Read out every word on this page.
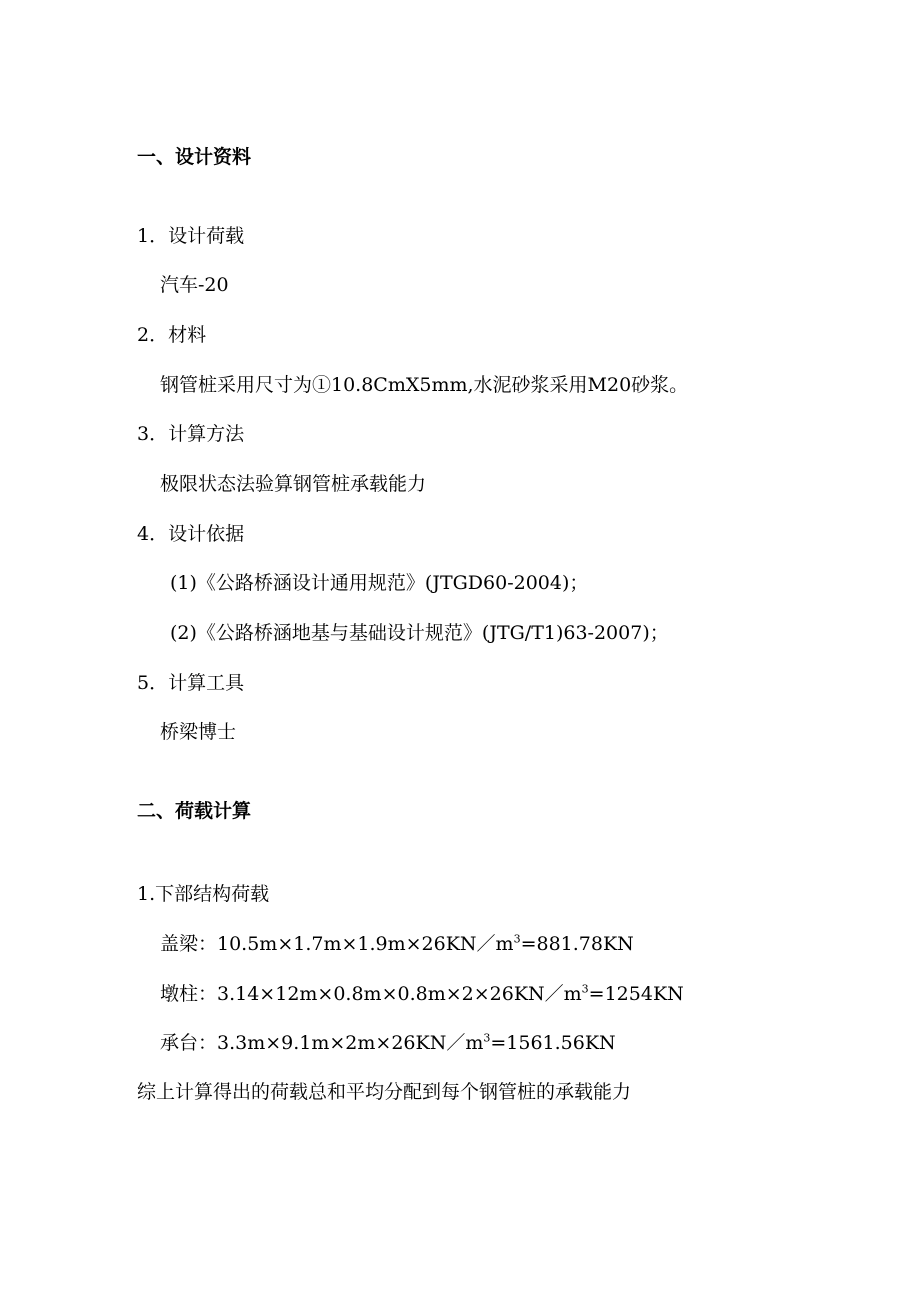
一、设计资料
1．设计荷载
汽车-20
2．材料
钢管桩采用尺寸为①10.8CmX5mm,水泥砂浆采用M20砂浆。
3．计算方法
极限状态法验算钢管桩承载能力
4．设计依据
(1)《公路桥涵设计通用规范》(JTGD60-2004)；
(2)《公路桥涵地基与基础设计规范》(JTG/T1)63-2007)；
5．计算工具
桥梁博士
二、荷载计算
1.下部结构荷载
盖梁：$10.5m\times 1.7m\times 1.9m\times 26KN/m^3=881.78KN$
墩柱：$3.14\times 12m\times 0.8m\times 0.8m\times 2\times 26KN/m^3=1254KN$
承台：$3.3m\times 9.1m\times 2m\times 26KN/m^3=1561.56KN$
综上计算得出的荷载总和平均分配到每个钢管桩的承载能力
